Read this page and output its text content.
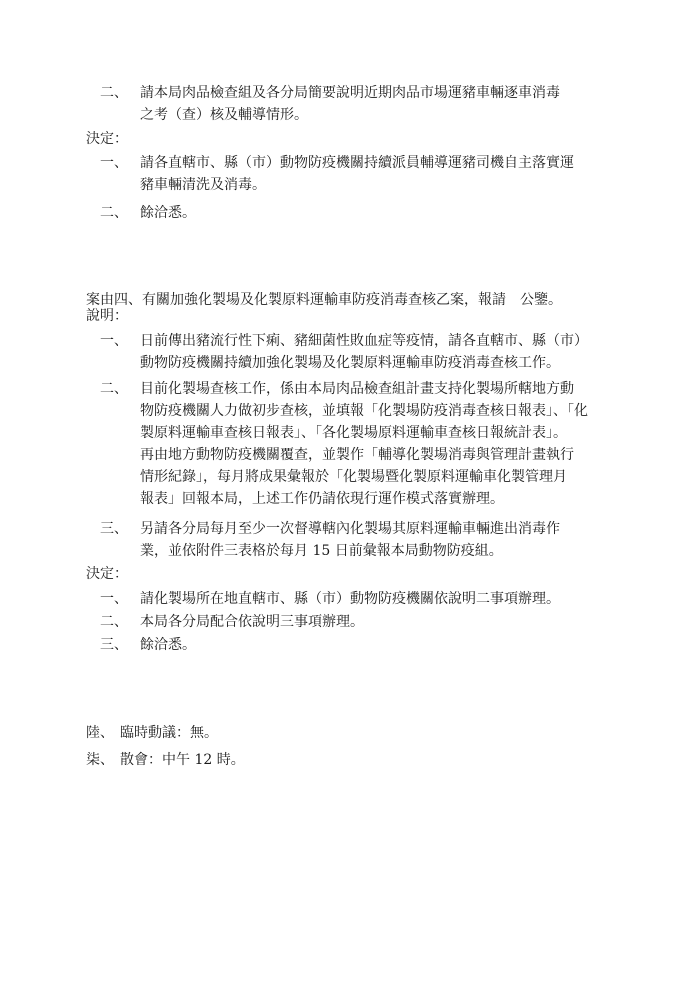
二、 請本局肉品檢查組及各分局簡要說明近期肉品市場運豬車輛逐車消毒
之考（查）核及輔導情形。
決定：
一、 請各直轄市、縣（市）動物防疫機關持續派員輔導運豬司機自主落實運
豬車輛清洗及消毒。
二、 餘洽悉。
案由四、有關加強化製場及化製原料運輸車防疫消毒查核乙案，報請　公鑒。
說明：
一、 日前傳出豬流行性下痢、豬細菌性敗血症等疫情，請各直轄市、縣（市）
動物防疫機關持續加強化製場及化製原料運輸車防疫消毒查核工作。
二、 目前化製場查核工作，係由本局肉品檢查組計畫支持化製場所轄地方動
物防疫機關人力做初步查核，並填報「化製場防疫消毒查核日報表」、「化
製原料運輸車查核日報表」、「各化製場原料運輸車查核日報統計表」。
再由地方動物防疫機關覆查，並製作「輔導化製場消毒與管理計畫執行
情形紀錄」，每月將成果彙報於「化製場暨化製原料運輸車化製管理月
報表」回報本局，上述工作仍請依現行運作模式落實辦理。
三、 另請各分局每月至少一次督導轄內化製場其原料運輸車輛進出消毒作
業，並依附件三表格於每月 15 日前彙報本局動物防疫組。
決定：
一、 請化製場所在地直轄市、縣（市）動物防疫機關依說明二事項辦理。
二、 本局各分局配合依說明三事項辦理。
三、 餘洽悉。
陸、 臨時動議：無。
柒、 散會：中午 12 時。
